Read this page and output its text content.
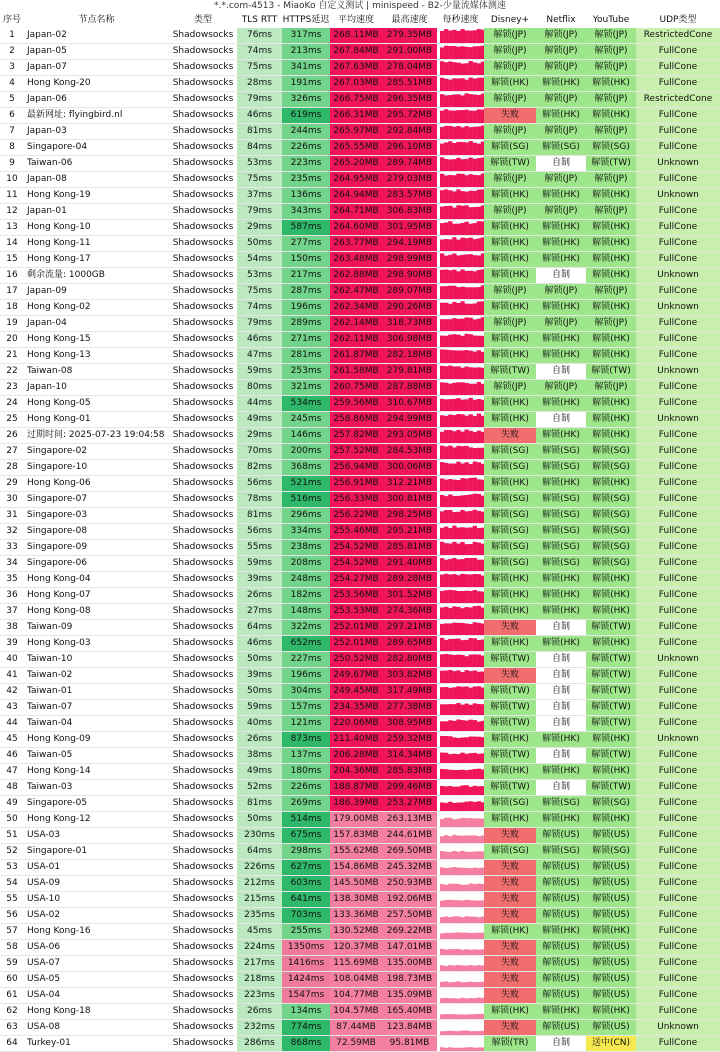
*.*.com-4513 - MiaoKo 自定义测试 | minispeed - B2-少量流媒体测速
序号	节点名称	类型	TLS RTT	HTTPS延迟	平均速度	最高速度	每秒速度	Disney+	Netflix	YouTube	UDP类型
1	Japan-02	Shadowsocks	76ms	317ms	268.11MB	279.35MB		解锁(JP)	解锁(JP)	解锁(JP)	RestrictedCone
2	Japan-05	Shadowsocks	74ms	213ms	267.84MB	291.00MB		解锁(JP)	解锁(JP)	解锁(JP)	FullCone
3	Japan-07	Shadowsocks	75ms	341ms	267.63MB	278.04MB		解锁(JP)	解锁(JP)	解锁(JP)	FullCone
4	Hong Kong-20	Shadowsocks	28ms	191ms	267.03MB	285.51MB		解锁(HK)	解锁(HK)	解锁(HK)	FullCone
5	Japan-06	Shadowsocks	79ms	326ms	266.75MB	296.35MB		解锁(JP)	解锁(JP)	解锁(JP)	RestrictedCone
6	最新网址: flyingbird.nl	Shadowsocks	46ms	619ms	266.31MB	295.72MB		失败	解锁(HK)	解锁(HK)	FullCone
7	Japan-03	Shadowsocks	81ms	244ms	265.97MB	292.84MB		解锁(JP)	解锁(JP)	解锁(JP)	FullCone
8	Singapore-04	Shadowsocks	84ms	226ms	265.55MB	296.10MB		解锁(SG)	解锁(SG)	解锁(SG)	FullCone
9	Taiwan-06	Shadowsocks	53ms	223ms	265.20MB	289.74MB		解锁(TW)	自制	解锁(TW)	Unknown
10	Japan-08	Shadowsocks	75ms	235ms	264.95MB	279.03MB		解锁(JP)	解锁(JP)	解锁(JP)	FullCone
11	Hong Kong-19	Shadowsocks	37ms	136ms	264.94MB	283.57MB		解锁(HK)	解锁(HK)	解锁(HK)	Unknown
12	Japan-01	Shadowsocks	79ms	343ms	264.71MB	306.83MB		解锁(JP)	解锁(JP)	解锁(JP)	FullCone
13	Hong Kong-10	Shadowsocks	29ms	587ms	264.60MB	301.95MB		解锁(HK)	解锁(HK)	解锁(HK)	FullCone
14	Hong Kong-11	Shadowsocks	50ms	277ms	263.77MB	294.19MB		解锁(HK)	解锁(HK)	解锁(HK)	FullCone
15	Hong Kong-17	Shadowsocks	54ms	150ms	263.48MB	298.99MB		解锁(HK)	解锁(HK)	解锁(HK)	FullCone
16	剩余流量: 1000GB	Shadowsocks	53ms	217ms	262.88MB	298.90MB		解锁(HK)	自制	解锁(HK)	Unknown
17	Japan-09	Shadowsocks	75ms	287ms	262.47MB	289.07MB		解锁(JP)	解锁(JP)	解锁(JP)	FullCone
18	Hong Kong-02	Shadowsocks	74ms	196ms	262.34MB	290.26MB		解锁(HK)	解锁(HK)	解锁(HK)	Unknown
19	Japan-04	Shadowsocks	79ms	289ms	262.14MB	318.73MB		解锁(JP)	解锁(JP)	解锁(JP)	FullCone
20	Hong Kong-15	Shadowsocks	46ms	271ms	262.11MB	306.98MB		解锁(HK)	解锁(HK)	解锁(HK)	FullCone
21	Hong Kong-13	Shadowsocks	47ms	281ms	261.87MB	282.18MB		解锁(HK)	解锁(HK)	解锁(HK)	FullCone
22	Taiwan-08	Shadowsocks	59ms	253ms	261.58MB	279.81MB		解锁(TW)	自制	解锁(TW)	Unknown
23	Japan-10	Shadowsocks	80ms	321ms	260.75MB	287.88MB		解锁(JP)	解锁(JP)	解锁(JP)	FullCone
24	Hong Kong-05	Shadowsocks	44ms	534ms	259.56MB	310.67MB		解锁(HK)	解锁(HK)	解锁(HK)	FullCone
25	Hong Kong-01	Shadowsocks	49ms	245ms	258.86MB	294.99MB		解锁(HK)	自制	解锁(HK)	Unknown
26	过期时间: 2025-07-23 19:04:58	Shadowsocks	29ms	146ms	257.82MB	293.05MB		失败	解锁(HK)	解锁(HK)	FullCone
27	Singapore-02	Shadowsocks	70ms	200ms	257.52MB	284.53MB		解锁(SG)	解锁(SG)	解锁(SG)	FullCone
28	Singapore-10	Shadowsocks	82ms	368ms	256.94MB	300.06MB		解锁(SG)	解锁(SG)	解锁(SG)	FullCone
29	Hong Kong-06	Shadowsocks	56ms	521ms	256.91MB	312.21MB		解锁(HK)	解锁(HK)	解锁(HK)	FullCone
30	Singapore-07	Shadowsocks	78ms	516ms	256.33MB	300.81MB		解锁(SG)	解锁(SG)	解锁(SG)	FullCone
31	Singapore-03	Shadowsocks	81ms	296ms	256.22MB	298.25MB		解锁(SG)	解锁(SG)	解锁(SG)	FullCone
32	Singapore-08	Shadowsocks	56ms	334ms	255.46MB	295.21MB		解锁(SG)	解锁(SG)	解锁(SG)	FullCone
33	Singapore-09	Shadowsocks	55ms	238ms	254.52MB	285.81MB		解锁(SG)	解锁(SG)	解锁(SG)	FullCone
34	Singapore-06	Shadowsocks	59ms	208ms	254.52MB	291.40MB		解锁(SG)	解锁(SG)	解锁(SG)	FullCone
35	Hong Kong-04	Shadowsocks	39ms	248ms	254.27MB	289.28MB		解锁(HK)	解锁(HK)	解锁(HK)	FullCone
36	Hong Kong-07	Shadowsocks	26ms	182ms	253.56MB	301.52MB		解锁(HK)	解锁(HK)	解锁(HK)	FullCone
37	Hong Kong-08	Shadowsocks	27ms	148ms	253.53MB	274.36MB		解锁(HK)	解锁(HK)	解锁(HK)	FullCone
38	Taiwan-09	Shadowsocks	64ms	322ms	252.01MB	297.21MB		失败	自制	解锁(TW)	FullCone
39	Hong Kong-03	Shadowsocks	46ms	652ms	252.01MB	289.65MB		解锁(HK)	解锁(HK)	解锁(HK)	FullCone
40	Taiwan-10	Shadowsocks	50ms	227ms	250.52MB	282.80MB		解锁(TW)	自制	解锁(TW)	Unknown
41	Taiwan-02	Shadowsocks	39ms	196ms	249.67MB	303.82MB		失败	自制	解锁(TW)	FullCone
42	Taiwan-01	Shadowsocks	50ms	304ms	249.45MB	317.49MB		解锁(TW)	自制	解锁(TW)	FullCone
43	Taiwan-07	Shadowsocks	59ms	157ms	234.35MB	277.38MB		解锁(TW)	自制	解锁(TW)	FullCone
44	Taiwan-04	Shadowsocks	40ms	121ms	220.06MB	308.95MB		解锁(TW)	自制	解锁(TW)	FullCone
45	Hong Kong-09	Shadowsocks	26ms	873ms	211.40MB	259.32MB		解锁(HK)	解锁(HK)	解锁(HK)	Unknown
46	Taiwan-05	Shadowsocks	38ms	137ms	206.28MB	314.34MB		解锁(TW)	自制	解锁(TW)	FullCone
47	Hong Kong-14	Shadowsocks	49ms	180ms	204.36MB	285.83MB		解锁(HK)	解锁(HK)	解锁(HK)	FullCone
48	Taiwan-03	Shadowsocks	52ms	226ms	188.87MB	299.46MB		解锁(TW)	自制	解锁(TW)	FullCone
49	Singapore-05	Shadowsocks	81ms	269ms	186.39MB	253.27MB		解锁(SG)	解锁(SG)	解锁(SG)	FullCone
50	Hong Kong-12	Shadowsocks	50ms	514ms	179.00MB	263.13MB		解锁(HK)	解锁(HK)	解锁(HK)	FullCone
51	USA-03	Shadowsocks	230ms	675ms	157.83MB	244.61MB		失败	解锁(US)	解锁(US)	FullCone
52	Singapore-01	Shadowsocks	64ms	298ms	155.62MB	269.50MB		解锁(SG)	解锁(SG)	解锁(SG)	FullCone
53	USA-01	Shadowsocks	226ms	627ms	154.86MB	245.32MB		失败	解锁(US)	解锁(US)	FullCone
54	USA-09	Shadowsocks	212ms	603ms	145.50MB	250.93MB		失败	解锁(US)	解锁(US)	FullCone
55	USA-10	Shadowsocks	215ms	641ms	138.30MB	192.06MB		失败	解锁(US)	解锁(US)	FullCone
56	USA-02	Shadowsocks	235ms	703ms	133.36MB	257.50MB		失败	解锁(US)	解锁(US)	FullCone
57	Hong Kong-16	Shadowsocks	45ms	255ms	130.52MB	269.22MB		解锁(HK)	解锁(HK)	解锁(HK)	FullCone
58	USA-06	Shadowsocks	224ms	1350ms	120.37MB	147.01MB		失败	解锁(US)	解锁(US)	FullCone
59	USA-07	Shadowsocks	217ms	1416ms	115.69MB	135.00MB		失败	解锁(US)	解锁(US)	FullCone
60	USA-05	Shadowsocks	218ms	1424ms	108.04MB	198.73MB		失败	解锁(US)	解锁(US)	FullCone
61	USA-04	Shadowsocks	223ms	1547ms	104.77MB	135.09MB		失败	解锁(US)	解锁(US)	FullCone
62	Hong Kong-18	Shadowsocks	26ms	134ms	104.57MB	165.40MB		解锁(HK)	解锁(HK)	解锁(HK)	FullCone
63	USA-08	Shadowsocks	232ms	774ms	87.44MB	123.84MB		失败	解锁(US)	解锁(US)	Unknown
64	Turkey-01	Shadowsocks	286ms	868ms	72.59MB	95.81MB		解锁(TR)	自制	送中(CN)	FullCone
